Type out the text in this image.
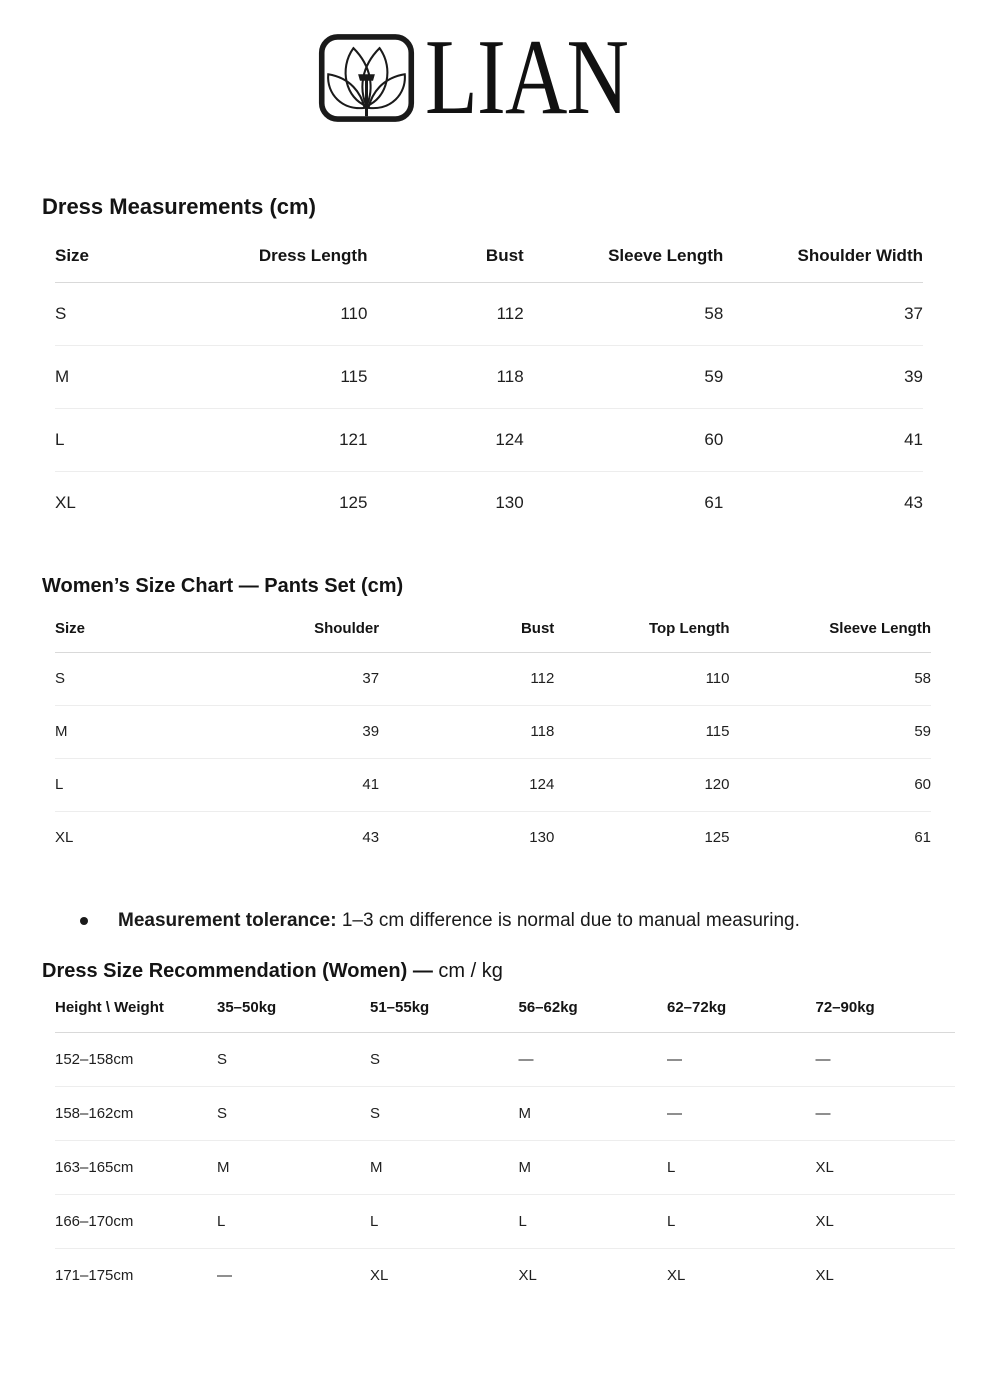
LIAN
Dress Measurements (cm)
Size	Dress Length	Bust	Sleeve Length	Shoulder Width
S	110	112	58	37
M	115	118	59	39
L	121	124	60	41
XL	125	130	61	43
Women’s Size Chart — Pants Set (cm)
Size	Shoulder	Bust	Top Length	Sleeve Length
S	37	112	110	58
M	39	118	115	59
L	41	124	120	60
XL	43	130	125	61
Measurement tolerance: 1–3 cm difference is normal due to manual measuring.
Dress Size Recommendation (Women) — cm / kg
Height \ Weight	35–50kg	51–55kg	56–62kg	62–72kg	72–90kg
152–158cm	S	S	—	—	—
158–162cm	S	S	M	—	—
163–165cm	M	M	M	L	XL
166–170cm	L	L	L	L	XL
171–175cm	—	XL	XL	XL	XL
